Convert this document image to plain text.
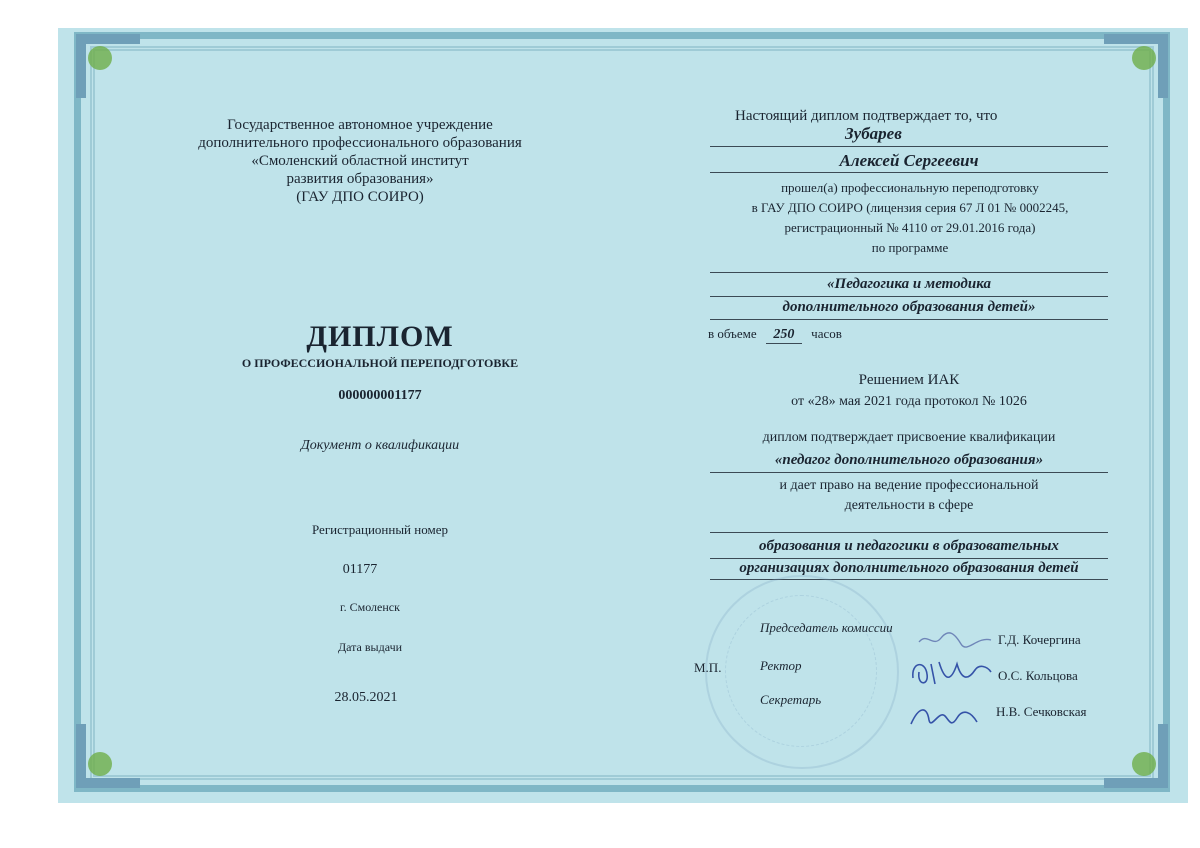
Государственное автономное учреждение
дополнительного профессионального образования
«Смоленский областной институт
развития образования»
(ГАУ ДПО СОИРО)
ДИПЛОМ
О ПРОФЕССИОНАЛЬНОЙ ПЕРЕПОДГОТОВКЕ
000000001177
Документ о квалификации
Регистрационный номер
01177
г. Смоленск
Дата выдачи
28.05.2021
Настоящий диплом подтверждает то, что
Зубарев
Алексей Сергеевич
прошел(а) профессиональную переподготовку
в ГАУ ДПО СОИРО (лицензия серия 67 Л 01 № 0002245,
регистрационный № 4110 от 29.01.2016 года)
по программе
«Педагогика и методика
дополнительного образования детей»
в объеме 250 часов
Решением ИАК
от «28» мая 2021 года протокол № 1026
диплом подтверждает присвоение квалификации
«педагог дополнительного образования»
и дает право на ведение профессиональной
деятельности в сфере
образования и педагогики в образовательных
организациях дополнительного образования детей
М.П.
Председатель комиссии
Г.Д. Кочергина
Ректор
О.С. Кольцова
Секретарь
Н.В. Сечковская
